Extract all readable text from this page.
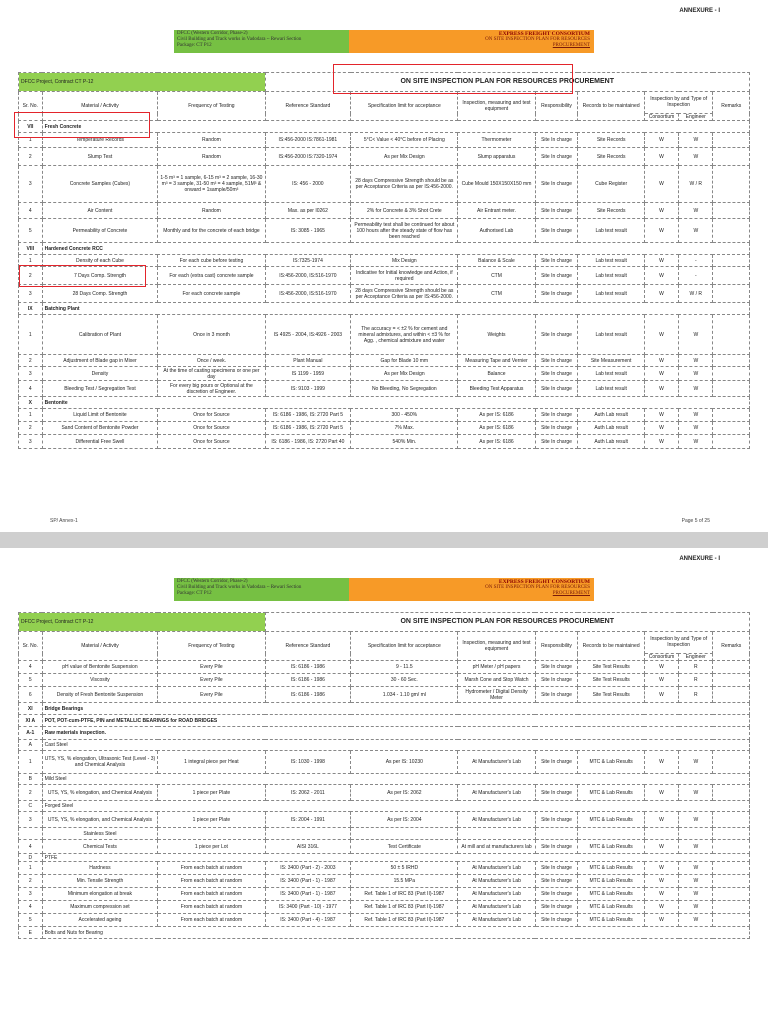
ANNEXURE - I
DFCC (Western Corridor, Phase-2)
Civil Building and Track works in Vadodara ~ Rewari Section
Package: CT P12
EXPRESS FREIGHT CONSORTIUM
ON SITE INSPECTION PLAN FOR RESOURCES
PROCUREMENT
DFCC Project, Contract CT P-12			ON SITE INSPECTION PLAN FOR RESOURCES PROCUREMENT							
Sr. No.	Material / Activity	Frequency of Testing	Reference Standard	Specification limit for acceptance	Inspection, measuring and test equipment	Responsibility	Records to be maintained	Inspection by and Type of Inspection		Remarks
								Consortium	Engineer	
VII	Fresh Concrete									
1	Temperature Records	Random	IS:456-2000 IS:7861-1981	5°C< Value < 40°C before of Placing	Thermometer	Site In charge	Site Records	W	W	
2	Slump Test	Random	IS:456-2000 IS:7320-1974	As per Mix Design	Slump apparatus	Site In charge	Site Records	W	W	
3	Concrete Samples (Cubes)	1-5 m³ = 1 sample, 6-15 m³ = 2 sample, 16-30 m³ = 3 sample, 31-50 m³ = 4 sample, 51M³ & onward = 1sample/50m³	IS: 456 - 2000	28 days Compressive Strength should be as per Acceptance Criteria as per IS:456-2000.	Cube Mould 150X150X150 mm	Site In charge	Cube Register	W	W / R	
4	Air Content	Random	Max. as per I0262	2% for Concrete & 3% Shot Crete	Air Entrant meter.	Site In charge	Site Records	W	W	
5	Permeability of Concrete	Monthly and for the concrete of each bridge	IS: 3085 - 1965	Permeability test shall be continued for about 100 hours after the steady state of flow has been reached	Authorised Lab	Site In charge	Lab test result	W	W	
VIII	Hardened Concrete RCC									
1	Density of each Cube	For each cube before testing	IS:7325-1974	Mix Design	Balance & Scale	Site In charge	Lab test result	W	-	
2	7 Days Comp. Strength	For each (extra cast) concrete sample	IS:456-2000, IS:516-1970	Indicative for Initial knowledge and Action, if required	CTM	Site In charge	Lab test result	W	-	
3	28 Days Comp. Strength	For each concrete sample	IS:456-2000, IS:516-1970	28 days Compressive Strength should be as per Acceptance Criteria as per IS:456-2000.	CTM	Site In charge	Lab test result	W	W / R	
IX	Batching Plant									
1	Calibration of Plant	Once in 3 month	IS 4925 - 2004, IS:4926 - 2003	The accuracy = < ±2 % for cement and mineral admixtures, and within < ±3 % for Agg. , chemical admixture and water	Weights	Site In charge	Lab test result	W	W	
2	Adjustment of Blade gap in Mixer	Once / week.	Plant Manual	Gap for Blade 10 mm	Measuring Tape and Vernier	Site In charge	Site Measurement	W	W	
3	Density	At the time of casting specimens or one per day	IS 1199 - 1959	As per Mix Design	Balance	Site In charge	Lab test result	W	W	
4	Bleeding Test / Segregation Test	For every big pours or Optional at the discretion of Engineer.	IS: 9103 - 1999	No Bleeding, No Segregation	Bleeding Test Apparatus	Site In charge	Lab test result	W	W	
X	Bentonite									
1	Liquid Limit of Bentonite	Once for Source	IS: 6186 - 1986, IS: 2720 Part 5	300 - 450%	As per IS: 6186	Site In charge	Auth Lab result	W	W	
2	Sand Content of Bentonite Powder	Once for Source	IS: 6186 - 1986, IS: 2720 Part 5	7% Max.	As per IS: 6186	Site In charge	Auth Lab result	W	W	
3	Differential Free Swell	Once for Source	IS: 6186 - 1986, IS: 2720 Part 40	540% Min.	As per IS: 6186	Site In charge	Auth Lab result	W	W	
SP/ Annex-1	Page 5 of 25
ANNEXURE - I
DFCC (Western Corridor, Phase-2)
Civil Building and Track works in Vadodara ~ Rewari Section
Package: CT P12
EXPRESS FREIGHT CONSORTIUM
ON SITE INSPECTION PLAN FOR RESOURCES
PROCUREMENT
DFCC Project, Contract CT P-12			ON SITE INSPECTION PLAN FOR RESOURCES PROCUREMENT							
Sr. No.	Material / Activity	Frequency of Testing	Reference Standard	Specification limit for acceptance	Inspection, measuring and test equipment	Responsibility	Records to be maintained	Inspection by and Type of Inspection		Remarks
								Consortium	Engineer	
4	pH value of Bentonite Suspension	Every Pile	IS: 6186 - 1986	9 - 11.5	pH Meter / pH papers	Site In charge	Site Test Results	W	R	
5	Viscosity	Every Pile	IS: 6186 - 1986	30 - 60 Sec.	Marsh Cone and Stop Watch	Site In charge	Site Test Results	W	R	
6	Density of Fresh Bentonite Suspension	Every Pile	IS: 6186 - 1986	1.034 - 1.10 gm/ ml	Hydrometer / Digital Density Meter	Site In charge	Site Test Results	W	R	
XI	Bridge Bearings									
XI A	POT, POT-cum-PTFE, PIN and METALLIC BEARINGS for ROAD BRIDGES									
A-1	Raw materials inspection.									
A	Cast Steel									
1	UTS, YS, % elongation, Ultrasonic Test (Level - 3) and Chemical Analysis	1 integral piece per Heat	IS: 1030 - 1998	As per IS: 10230	At Manufacturer's Lab	Site In charge	MTC & Lab Results	W	W	
B	Mild Steel									
2	UTS, YS, % elongation, and Chemical Analysis	1 piece per Plate	IS: 2062 - 2011	As per IS: 2062	At Manufacturer's Lab	Site In charge	MTC & Lab Results	W	W	
C	Forged Steel									
3	UTS, YS, % elongation, and Chemical Analysis	1 piece per Plate	IS: 2004 - 1991	As per IS: 2004	At Manufacturer's Lab	Site In charge	MTC & Lab Results	W	W	
	Stainless Steel									
4	Chemical Tests	1 piece per Lot	AISI 316L	Test Certificate	At mill and at manufacturers lab	Site In charge	MTC & Lab Results	W	W	
D	PTFE									
1	Hardness	From each batch at random	IS: 3400 (Part - 2) - 2003	50 ± 5 IRHD	At Manufacturer's Lab	Site In charge	MTC & Lab Results	W	W	
2	Min. Tensile Strength	From each batch at random	IS: 3400 (Part - 1) - 1987	15.5 MPa	At Manufacturer's Lab	Site In charge	MTC & Lab Results	W	W	
3	Minimum elongation at break	From each batch at random	IS: 3400 (Part - 1) - 1987	Ref. Table 1 of IRC 83 (Part II)-1987	At Manufacturer's Lab	Site In charge	MTC & Lab Results	W	W	
4	Maximum compression set	From each batch at random	IS: 3400 (Part - 10) - 1977	Ref. Table 1 of IRC 83 (Part II)-1987	At Manufacturer's Lab	Site In charge	MTC & Lab Results	W	W	
5	Accelerated ageing	From each batch at random	IS: 3400 (Part - 4) - 1987	Ref. Table 1 of IRC 83 (Part II)-1987	At Manufacturer's Lab	Site In charge	MTC & Lab Results	W	W	
E	Bolts and Nuts for Bearing									
